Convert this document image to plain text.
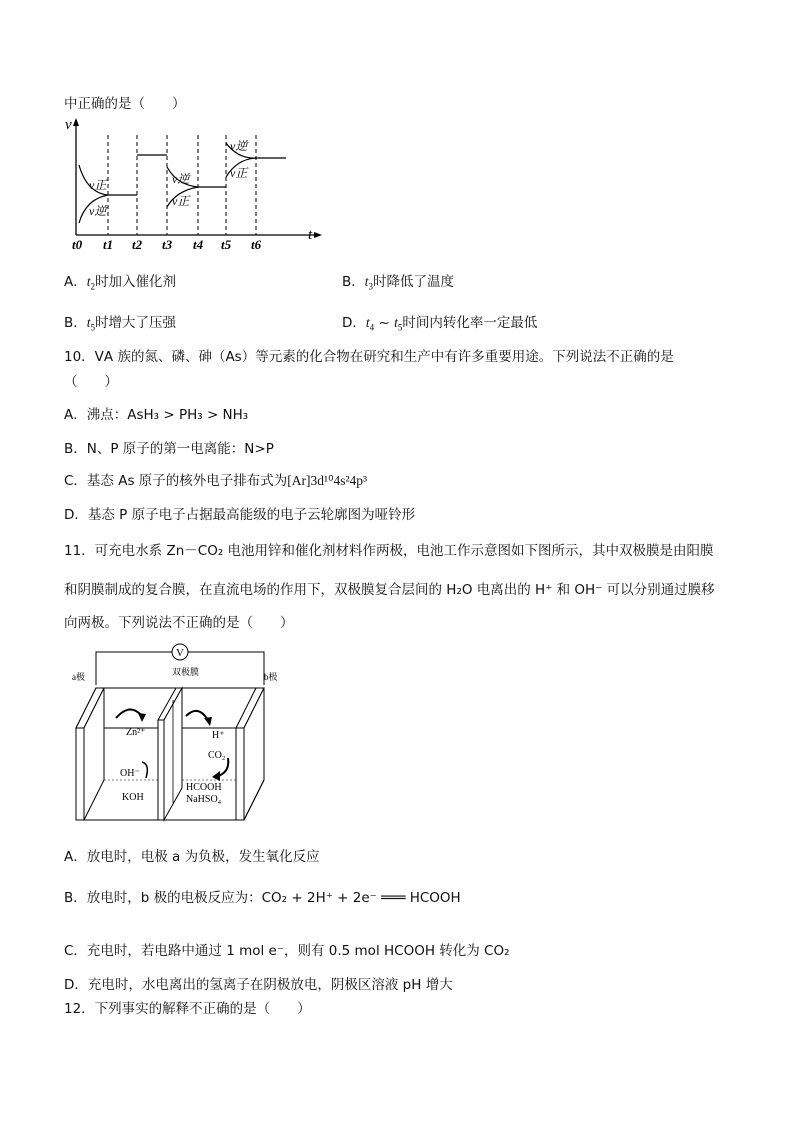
中正确的是（　　）
v
t
v正
v逆
v逆
v正
v逆
v正
t0 t1 t2 t3 t4 t5 t6
A．$t_2$时加入催化剂	B．$t_3$时降低了温度
B．$t_5$时增大了压强	D．$t_4$ ~ $t_5$时间内转化率一定最低
10．ⅤA 族的氮、磷、砷（As）等元素的化合物在研究和生产中有许多重要用途。下列说法不正确的是
（　　）
A．沸点：AsH₃ > PH₃ > NH₃
B．N、P 原子的第一电离能：N>P
C．基态 As 原子的核外电子排布式为[Ar]3d¹⁰4s²4p³
D．基态 P 原子电子占据最高能级的电子云轮廓图为哑铃形
11．可充电水系 Zn－CO₂ 电池用锌和催化剂材料作两极，电池工作示意图如下图所示，其中双极膜是由阳膜
和阴膜制成的复合膜，在直流电场的作用下，双极膜复合层间的 H₂O 电离出的 H⁺ 和 OH⁻ 可以分别通过膜移
向两极。下列说法不正确的是（　　）
V
双极膜
a极	b极
Zn²⁺
OH⁻
KOH
H⁺
CO₂
HCOOH
NaHSO₄
A．放电时，电极 a 为负极，发生氧化反应
B．放电时，b 极的电极反应为：CO₂ + 2H⁺ + 2e⁻ ═══ HCOOH
C．充电时，若电路中通过 1 mol e⁻，则有 0.5 mol HCOOH 转化为 CO₂
D．充电时，水电离出的氢离子在阴极放电，阴极区溶液 pH 增大
12．下列事实的解释不正确的是（　　）
